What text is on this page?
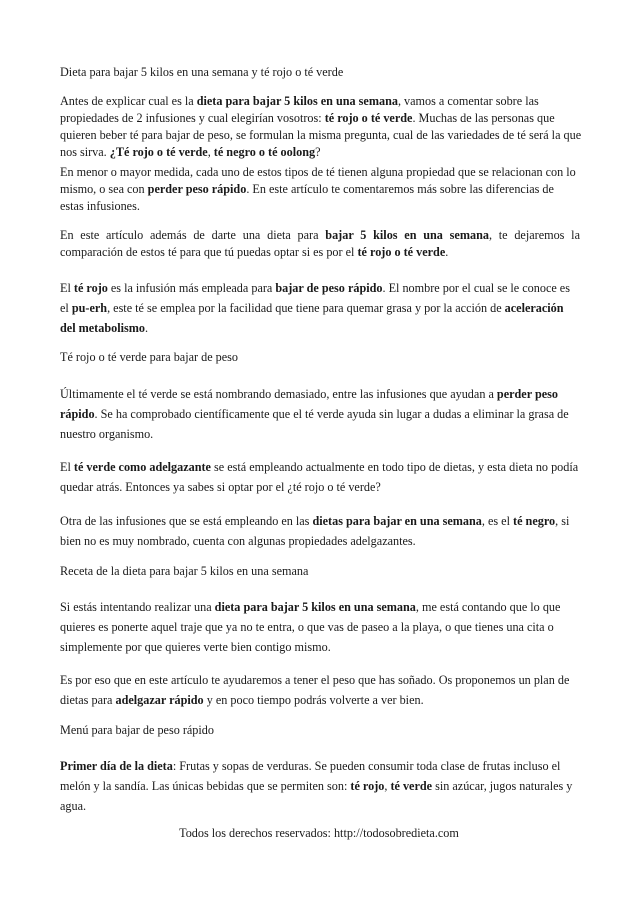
Dieta para bajar 5 kilos en una semana y té rojo o té verde

Antes de explicar cual es la dieta para bajar 5 kilos en una semana, vamos a comentar sobre las propiedades de 2 infusiones y cual elegirían vosotros: té rojo o té verde. Muchas de las personas que quieren beber té para bajar de peso, se formulan la misma pregunta, cual de las variedades de té será la que nos sirva. ¿Té rojo o té verde, té negro o té oolong?

En menor o mayor medida, cada uno de estos tipos de té tienen alguna propiedad que se relacionan con lo mismo, o sea con perder peso rápido. En este artículo te comentaremos más sobre las diferencias de estas infusiones.

En este artículo además de darte una dieta para bajar 5 kilos en una semana, te dejaremos la comparación de estos té para que tú puedas optar si es por el té rojo o té verde.

El té rojo es la infusión más empleada para bajar de peso rápido. El nombre por el cual se le conoce es el pu-erh, este té se emplea por la facilidad que tiene para quemar grasa y por la acción de aceleración del metabolismo.

Té rojo o té verde para bajar de peso

Últimamente el té verde se está nombrando demasiado, entre las infusiones que ayudan a perder peso rápido. Se ha comprobado científicamente que el té verde ayuda sin lugar a dudas a eliminar la grasa de nuestro organismo.

El té verde como adelgazante se está empleando actualmente en todo tipo de dietas, y esta dieta no podía quedar atrás. Entonces ya sabes si optar por el ¿té rojo o té verde?

Otra de las infusiones que se está empleando en las dietas para bajar en una semana, es el té negro, si bien no es muy nombrado, cuenta con algunas propiedades adelgazantes.

Receta de la dieta para bajar 5 kilos en una semana

Si estás intentando realizar una dieta para bajar 5 kilos en una semana, me está contando que lo que quieres es ponerte aquel traje que ya no te entra, o que vas de paseo a la playa, o que tienes una cita o simplemente por que quieres verte bien contigo mismo.

Es por eso que en este artículo te ayudaremos a tener el peso que has soñado. Os proponemos un plan de dietas para adelgazar rápido y en poco tiempo podrás volverte a ver bien.

Menú para bajar de peso rápido

Primer día de la dieta: Frutas y sopas de verduras. Se pueden consumir toda clase de frutas incluso el melón y la sandía. Las únicas bebidas que se permiten son: té rojo, té verde sin azúcar, jugos naturales y agua.

Todos los derechos reservados: http://todosobredieta.com
